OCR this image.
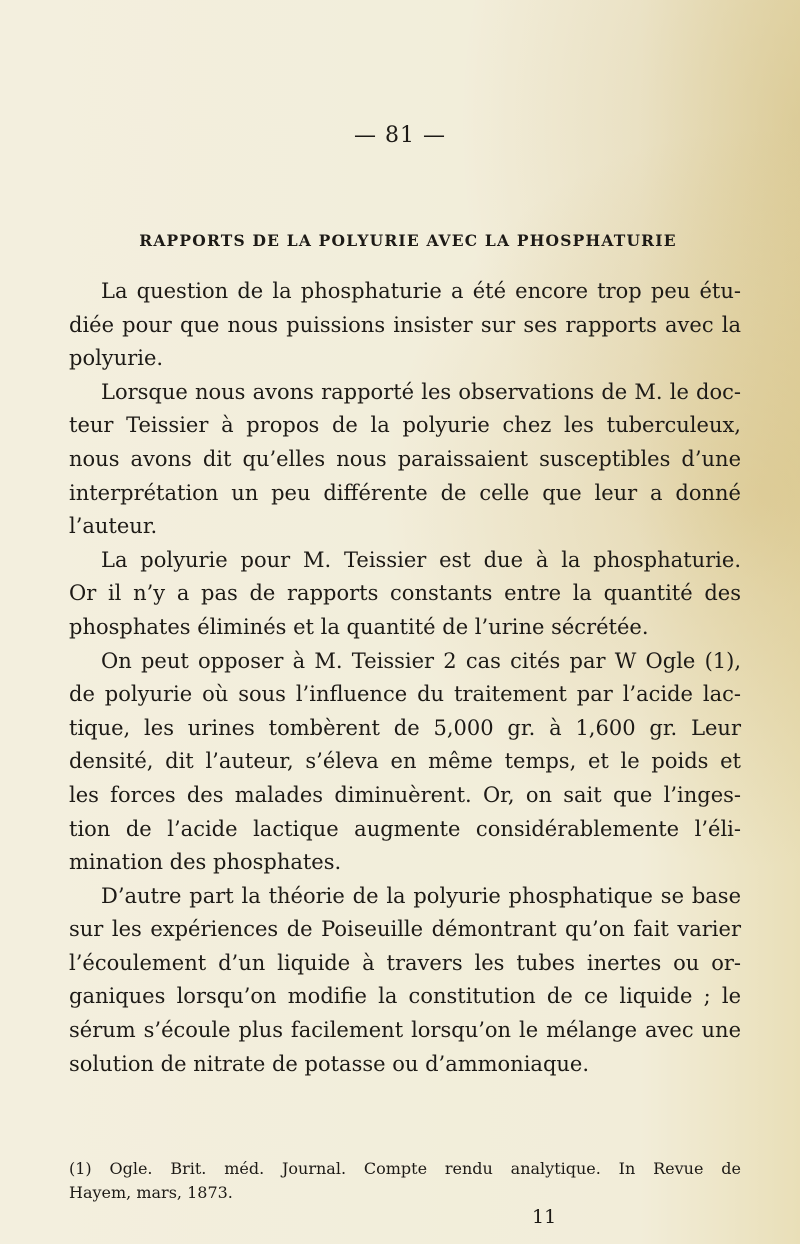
— 81 —
RAPPORTS DE LA POLYURIE AVEC LA PHOSPHATURIE
La question de la phosphaturie a été encore trop peu étu-
diée pour que nous puissions insister sur ses rapports avec la
polyurie.
Lorsque nous avons rapporté les observations de M. le doc-
teur Teissier à propos de la polyurie chez les tuberculeux,
nous avons dit qu’elles nous paraissaient susceptibles d’une
interprétation un peu différente de celle que leur a donné
l’auteur.
La polyurie pour M. Teissier est due à la phosphaturie.
Or il n’y a pas de rapports constants entre la quantité des
phosphates éliminés et la quantité de l’urine sécrétée.
On peut opposer à M. Teissier 2 cas cités par W Ogle (1),
de polyurie où sous l’influence du traitement par l’acide lac-
tique, les urines tombèrent de 5,000 gr. à 1,600 gr. Leur
densité, dit l’auteur, s’éleva en même temps, et le poids et
les forces des malades diminuèrent. Or, on sait que l’inges-
tion de l’acide lactique augmente considérablemente l’éli-
mination des phosphates.
D’autre part la théorie de la polyurie phosphatique se base
sur les expériences de Poiseuille démontrant qu’on fait varier
l’écoulement d’un liquide à travers les tubes inertes ou or-
ganiques lorsqu’on modifie la constitution de ce liquide ; le
sérum s’écoule plus facilement lorsqu’on le mélange avec une
solution de nitrate de potasse ou d’ammoniaque.
(1) Ogle. Brit. méd. Journal. Compte rendu analytique. In Revue de
Hayem, mars, 1873.
11
